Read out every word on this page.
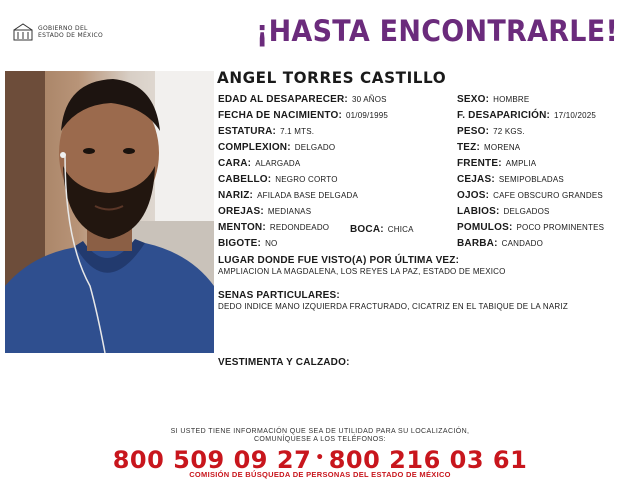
GOBIERNO DEL
ESTADO DE MÉXICO	¡HASTA ENCONTRARLE!
ANGEL TORRES CASTILLO
EDAD AL DESAPARECER: 30 AÑOS	SEXO: HOMBRE
FECHA DE NACIMIENTO: 01/09/1995	F. DESAPARICIÓN: 17/10/2025
ESTATURA: 7.1 MTS.	PESO: 72 KGS.
COMPLEXION: DELGADO	TEZ: MORENA
CARA: ALARGADA	FRENTE: AMPLIA
CABELLO: NEGRO CORTO	CEJAS: SEMIPOBLADAS
NARIZ: AFILADA BASE DELGADA	OJOS: CAFE OBSCURO GRANDES
OREJAS: MEDIANAS	LABIOS: DELGADOS
MENTON: REDONDEADO BOCA: CHICA	POMULOS: POCO PROMINENTES
BIGOTE: NO	BARBA: CANDADO
LUGAR DONDE FUE VISTO(A) POR ÚLTIMA VEZ:
AMPLIACION LA MAGDALENA, LOS REYES LA PAZ, ESTADO DE MEXICO
SENAS PARTICULARES:
DEDO INDICE MANO IZQUIERDA FRACTURADO, CICATRIZ EN EL TABIQUE DE LA NARIZ
VESTIMENTA Y CALZADO:
SI USTED TIENE INFORMACIÓN QUE SEA DE UTILIDAD PARA SU LOCALIZACIÓN,
COMUNÍQUESE A LOS TELÉFONOS:
800 509 09 27 • 800 216 03 61
COMISIÓN DE BÚSQUEDA DE PERSONAS DEL ESTADO DE MÉXICO
